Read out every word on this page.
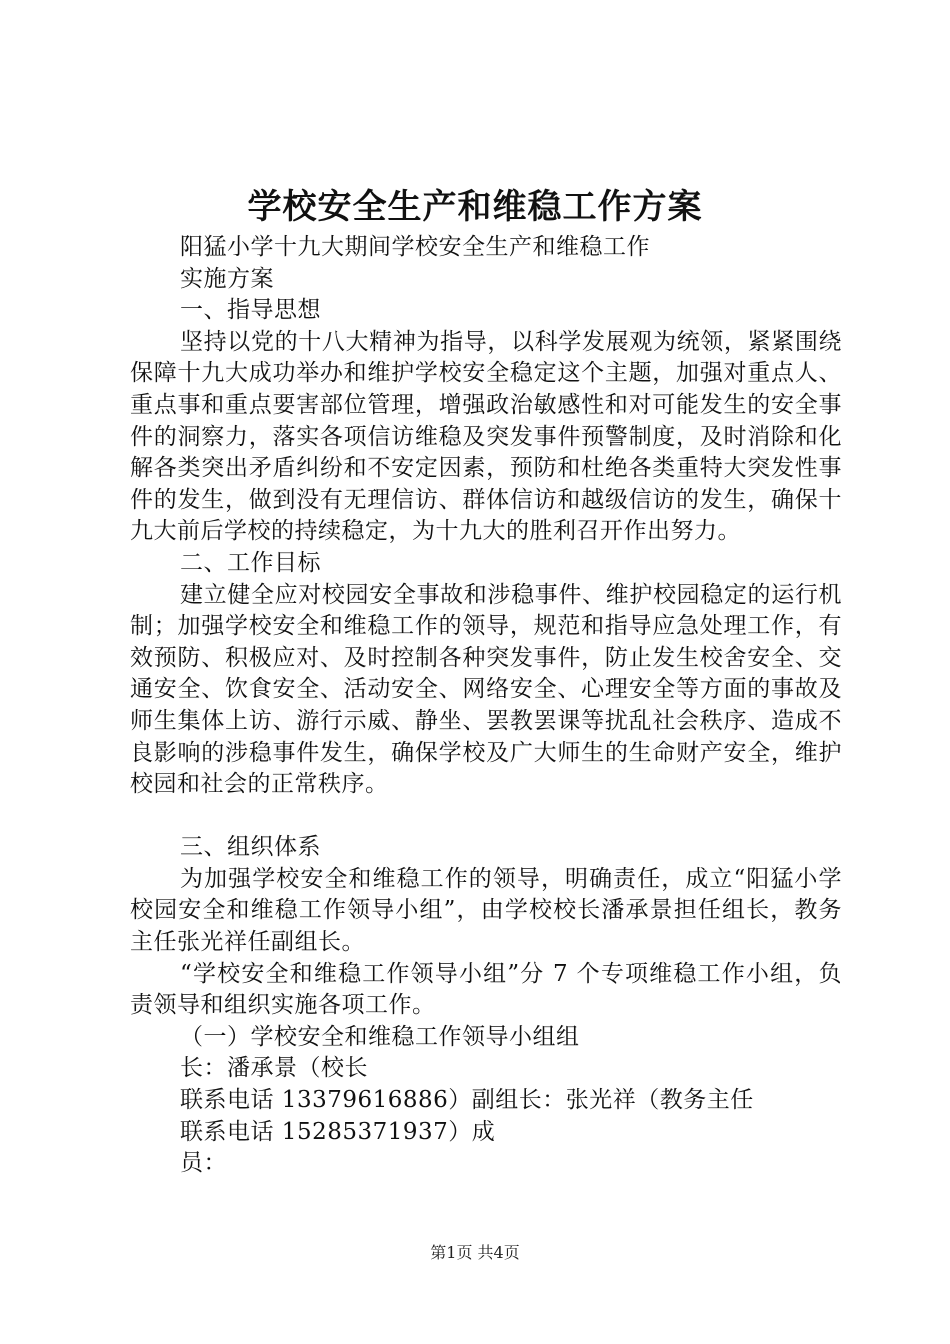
学校安全生产和维稳工作方案
阳猛小学十九大期间学校安全生产和维稳工作
实施方案
一、指导思想

坚持以党的十八大精神为指导，以科学发展观为统领，紧紧围绕保障十九大成功举办和维护学校安全稳定这个主题，加强对重点人、重点事和重点要害部位管理，增强政治敏感性和对可能发生的安全事件的洞察力，落实各项信访维稳及突发事件预警制度，及时消除和化解各类突出矛盾纠纷和不安定因素，预防和杜绝各类重特大突发性事件的发生，做到没有无理信访、群体信访和越级信访的发生，确保十九大前后学校的持续稳定，为十九大的胜利召开作出努力。

二、工作目标

建立健全应对校园安全事故和涉稳事件、维护校园稳定的运行机制；加强学校安全和维稳工作的领导，规范和指导应急处理工作，有效预防、积极应对、及时控制各种突发事件，防止发生校舍安全、交通安全、饮食安全、活动安全、网络安全、心理安全等方面的事故及师生集体上访、游行示威、静坐、罢教罢课等扰乱社会秩序、造成不良影响的涉稳事件发生，确保学校及广大师生的生命财产安全，维护校园和社会的正常秩序。

三、组织体系

为加强学校安全和维稳工作的领导，明确责任，成立“阳猛小学校园安全和维稳工作领导小组”，由学校校长潘承景担任组长，教务主任张光祥任副组长。

“学校安全和维稳工作领导小组”分 7 个专项维稳工作小组，负责领导和组织实施各项工作。

（一）学校安全和维稳工作领导小组组
长：潘承景（校长
联系电话 13379616886）副组长：张光祥（教务主任
联系电话 15285371937）成
员：
第1页 共4页
